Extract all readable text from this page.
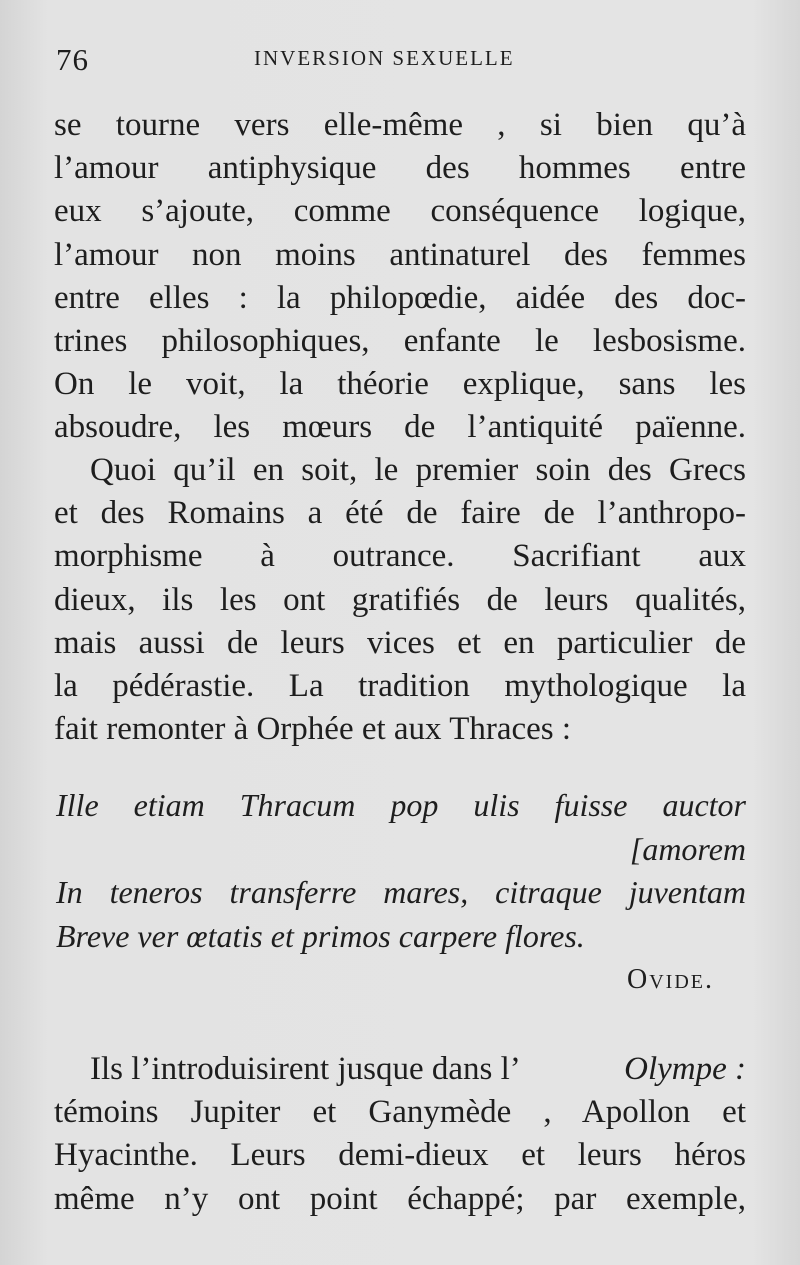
76	INVERSION SEXUELLE
se tourne vers elle-même , si bien qu’à
l’amour antiphysique des hommes entre
eux s’ajoute, comme conséquence logique,
l’amour non moins antinaturel des femmes
entre elles : la philopœdie, aidée des doc-
trines philosophiques, enfante le lesbosisme.
On le voit, la théorie explique, sans les
absoudre, les mœurs de l’antiquité païenne.
Quoi qu’il en soit, le premier soin des Grecs
et des Romains a été de faire de l’anthropo-
morphisme à outrance. Sacrifiant aux
dieux, ils les ont gratifiés de leurs qualités,
mais aussi de leurs vices et en particulier de
la pédérastie. La tradition mythologique la
fait remonter à Orphée et aux Thraces :
Ille etiam Thracum pop ulis fuisse auctor
[amorem
In teneros transferre mares, citraque juventam
Breve ver œtatis et primos carpere flores.
Ovide.
Ils l’introduisirent jusque dans l’	Olympe :
témoins Jupiter et Ganymède , Apollon et
Hyacinthe. Leurs demi-dieux et leurs héros
même n’y ont point échappé; par exemple,
